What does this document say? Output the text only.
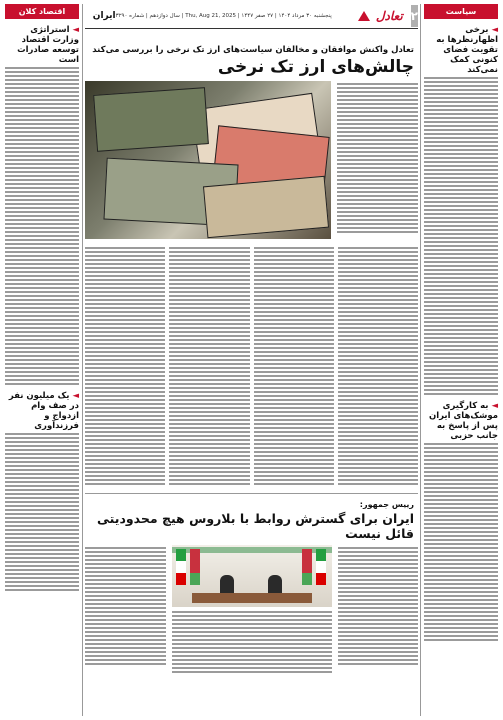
سیاست
◄ برخی اظهارنظرها به تقویت فضای کنونی کمک نمی‌کند
◄ به کارگیری موشک‌های ایران پس از پاسخ به جانب حزبی
۲
تعادل
پنجشنبه ۳۰ مرداد ۱۴۰۴ | ۲۷ صفر ۱۴۴۷ | Thu, Aug 21, 2025 | سال دوازدهم | شماره ۳۲۹۰
ایران
تعادل واکنش موافقان و مخالفان سیاست‌های ارز تک نرخی را بررسی می‌کند
چالش‌های ارز تک نرخی
رییس جمهور:
ایران برای گسترش روابط با بلاروس هیچ محدودیتی قائل نیست
اقتصاد کلان
◄ استراتژی وزارت اقتصاد توسعه صادرات است
◄ یک میلیون نفر در صف وام ازدواج و فرزندآوری
